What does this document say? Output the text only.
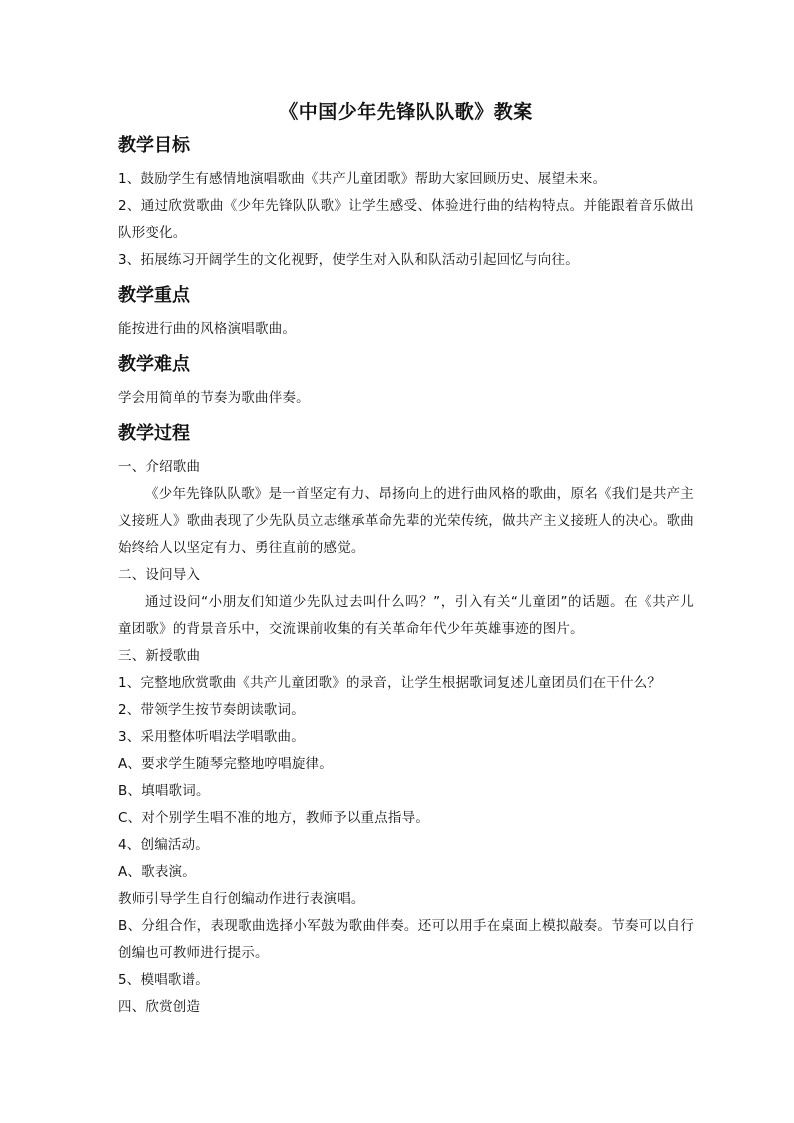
《中国少年先锋队队歌》教案
教学目标

1、鼓励学生有感情地演唱歌曲《共产儿童团歌》帮助大家回顾历史、展望未来。

2、通过欣赏歌曲《少年先锋队队歌》让学生感受、体验进行曲的结构特点。并能跟着音乐做出队形变化。

3、拓展练习开阔学生的文化视野，使学生对入队和队活动引起回忆与向往。

教学重点

能按进行曲的风格演唱歌曲。

教学难点

学会用简单的节奏为歌曲伴奏。

教学过程

一、介绍歌曲

《少年先锋队队歌》是一首坚定有力、昂扬向上的进行曲风格的歌曲，原名《我们是共产主义接班人》歌曲表现了少先队员立志继承革命先辈的光荣传统，做共产主义接班人的决心。歌曲始终给人以坚定有力、勇往直前的感觉。

二、设问导入

通过设问“小朋友们知道少先队过去叫什么吗？”，引入有关“儿童团”的话题。在《共产儿童团歌》的背景音乐中，交流课前收集的有关革命年代少年英雄事迹的图片。

三、新授歌曲

1、完整地欣赏歌曲《共产儿童团歌》的录音，让学生根据歌词复述儿童团员们在干什么？

2、带领学生按节奏朗读歌词。

3、采用整体听唱法学唱歌曲。

A、要求学生随琴完整地哼唱旋律。

B、填唱歌词。

C、对个别学生唱不准的地方，教师予以重点指导。

4、创编活动。

A、歌表演。

教师引导学生自行创编动作进行表演唱。

B、分组合作，表现歌曲选择小军鼓为歌曲伴奏。还可以用手在桌面上模拟敲奏。节奏可以自行创编也可教师进行提示。

5、模唱歌谱。

四、欣赏创造
